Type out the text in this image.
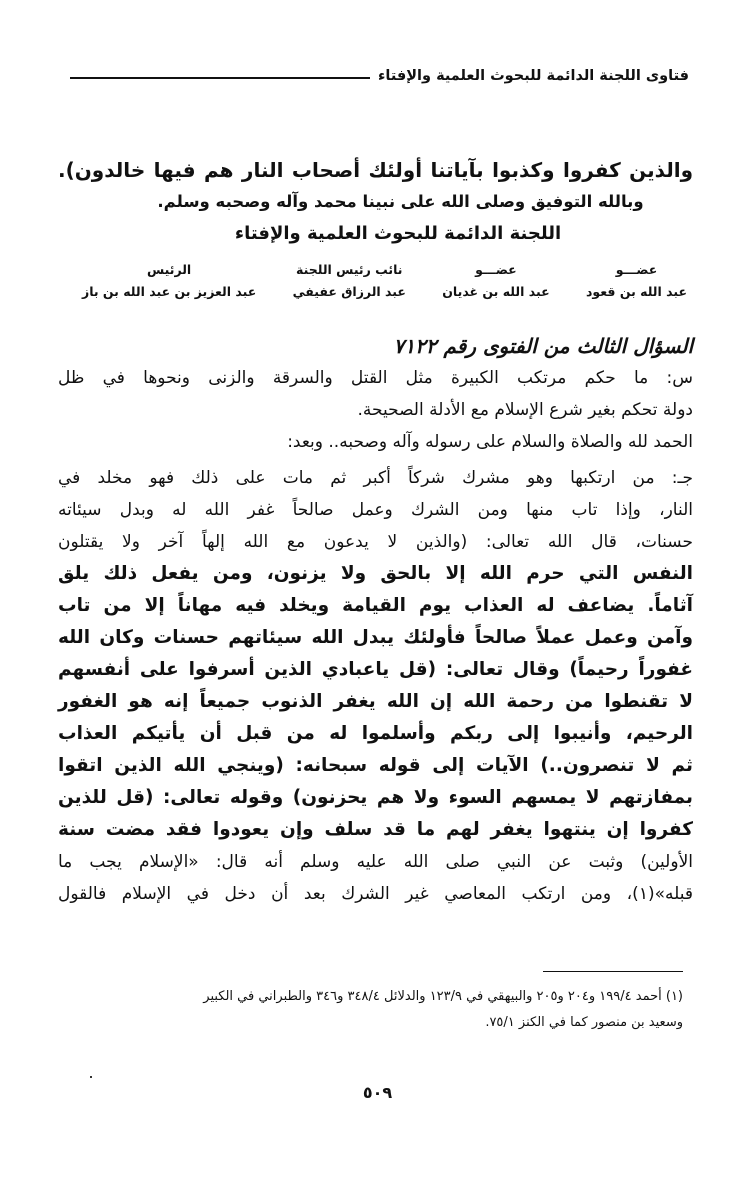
فتاوى اللجنة الدائمة للبحوث العلمية والإفتاء
والذين كفروا وكذبوا بآياتنا أولئك أصحاب النار هم فيها خالدون).
وبالله التوفيق وصلى الله على نبينا محمد وآله وصحبه وسلم.
اللجنة الدائمة للبحوث العلمية والإفتاء
عضـــو
عبد الله بن قعود
عضـــو
عبد الله بن غديان
نائب رئيس اللجنة
عبد الرزاق عفيفي
الرئيس
عبد العزيز بن عبد الله بن باز
السؤال الثالث من الفتوى رقم ٧١٢٢
س: ما حكم مرتكب الكبيرة مثل القتل والسرقة والزنى ونحوها في ظل
دولة تحكم بغير شرع الإسلام مع الأدلة الصحيحة.
الحمد لله والصلاة والسلام على رسوله وآله وصحبه.. وبعد:
جـ: من ارتكبها وهو مشرك شركاً أكبر ثم مات على ذلك فهو مخلد في
النار، وإذا تاب منها ومن الشرك وعمل صالحاً غفر الله له وبدل سيئاته
حسنات، قال الله تعالى: (والذين لا يدعون مع الله إلهاً آخر ولا يقتلون
النفس التي حرم الله إلا بالحق ولا يزنون، ومن يفعل ذلك يلق
آثاماً. يضاعف له العذاب يوم القيامة ويخلد فيه مهاناً إلا من تاب
وآمن وعمل عملاً صالحاً فأولئك يبدل الله سيئاتهم حسنات وكان الله
غفوراً رحيماً) وقال تعالى: (قل ياعبادي الذين أسرفوا على أنفسهم
لا تقنطوا من رحمة الله إن الله يغفر الذنوب جميعاً إنه هو الغفور
الرحيم، وأنيبوا إلى ربكم وأسلموا له من قبل أن يأتيكم العذاب
ثم لا تنصرون..) الآيات إلى قوله سبحانه: (وينجي الله الذين اتقوا
بمفازتهم لا يمسهم السوء ولا هم يحزنون) وقوله تعالى: (قل للذين
كفروا إن ينتهوا يغفر لهم ما قد سلف وإن يعودوا فقد مضت سنة
الأولين) وثبت عن النبي صلى الله عليه وسلم أنه قال: «الإسلام يجب ما
قبله»(١)، ومن ارتكب المعاصي غير الشرك بعد أن دخل في الإسلام فالقول
(١) أحمد ١٩٩/٤ و٢٠٤ و٢٠٥ والبيهقي في ١٢٣/٩ والدلائل ٣٤٨/٤ و٣٤٦ والطبراني في الكبير
وسعيد بن منصور كما في الكنز ٧٥/١.
٥٠٩
